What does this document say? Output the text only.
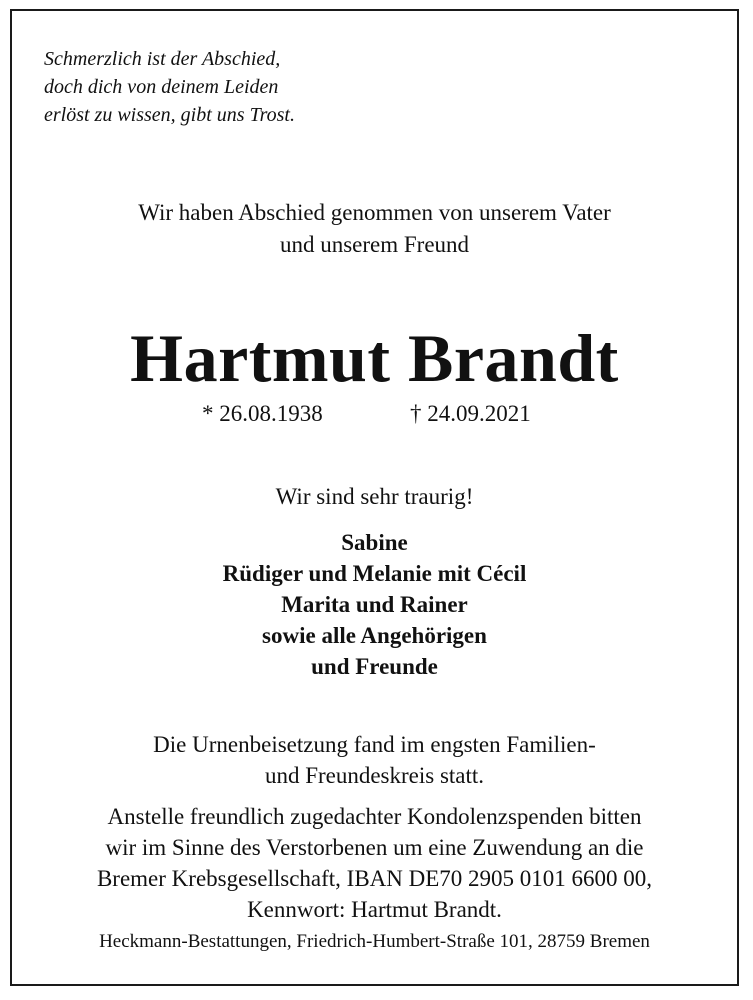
Schmerzlich ist der Abschied,
doch dich von deinem Leiden
erlöst zu wissen, gibt uns Trost.

Wir haben Abschied genommen von unserem Vater
und unserem Freund

Hartmut Brandt
* 26.08.1938	† 24.09.2021

Wir sind sehr traurig!

Sabine
Rüdiger und Melanie mit Cécil
Marita und Rainer
sowie alle Angehörigen
und Freunde

Die Urnenbeisetzung fand im engsten Familien-
und Freundeskreis statt.

Anstelle freundlich zugedachter Kondolenzspenden bitten
wir im Sinne des Verstorbenen um eine Zuwendung an die
Bremer Krebsgesellschaft, IBAN DE70 2905 0101 6600 00,
Kennwort: Hartmut Brandt.

Heckmann-Bestattungen, Friedrich-Humbert-Straße 101, 28759 Bremen
